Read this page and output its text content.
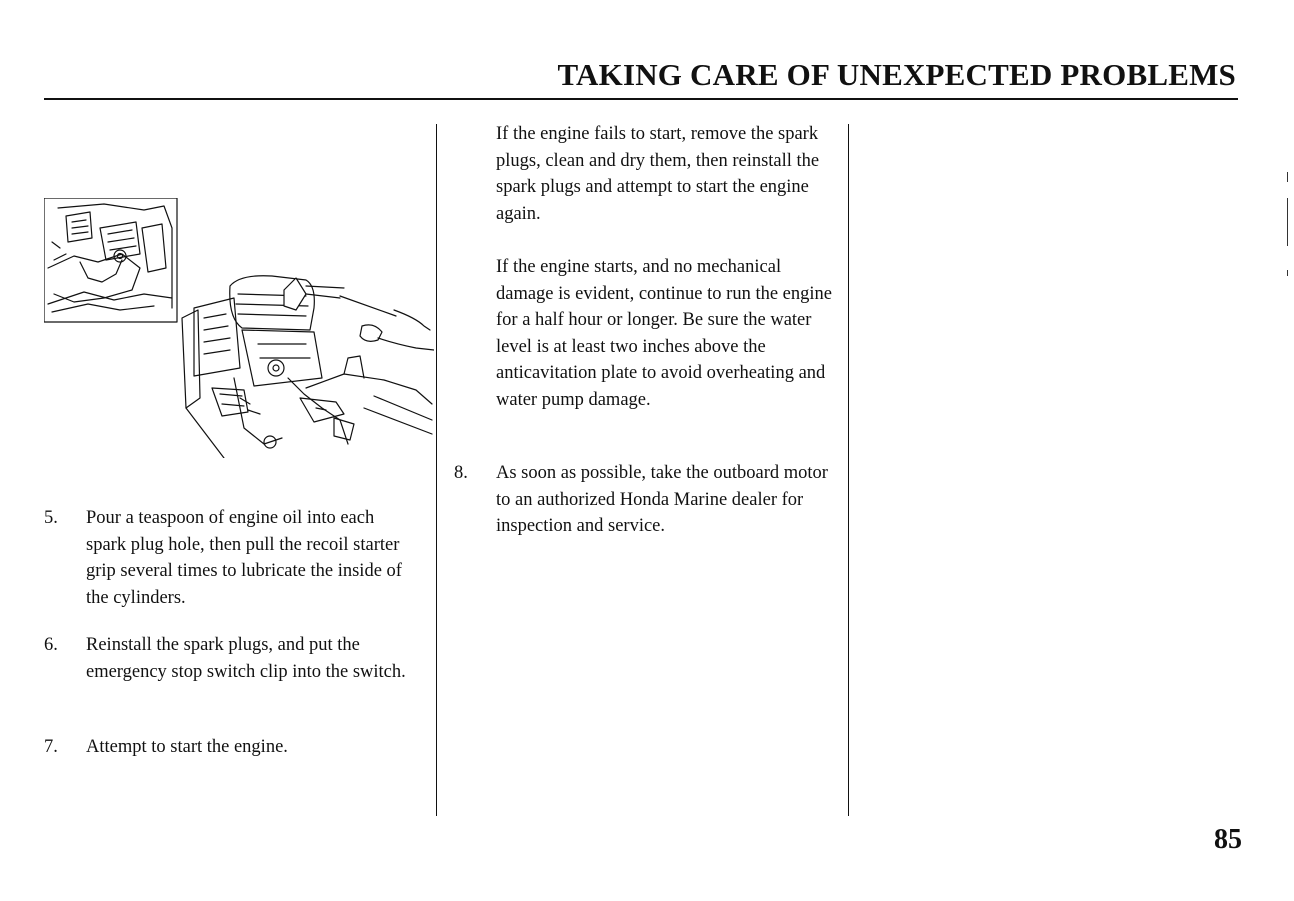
TAKING CARE OF UNEXPECTED PROBLEMS

If the engine fails to start, remove the spark plugs, clean and dry them, then reinstall the spark plugs and attempt to start the engine again.

If the engine starts, and no mechanical damage is evident, continue to run the engine for a half hour or longer. Be sure the water level is at least two inches above the anticavitation plate to avoid overheating and water pump damage.

5. Pour a teaspoon of engine oil into each spark plug hole, then pull the recoil starter grip several times to lubricate the inside of the cylinders.
6. Reinstall the spark plugs, and put the emergency stop switch clip into the switch.
7. Attempt to start the engine.
8. As soon as possible, take the outboard motor to an authorized Honda Marine dealer for inspection and service.

85
